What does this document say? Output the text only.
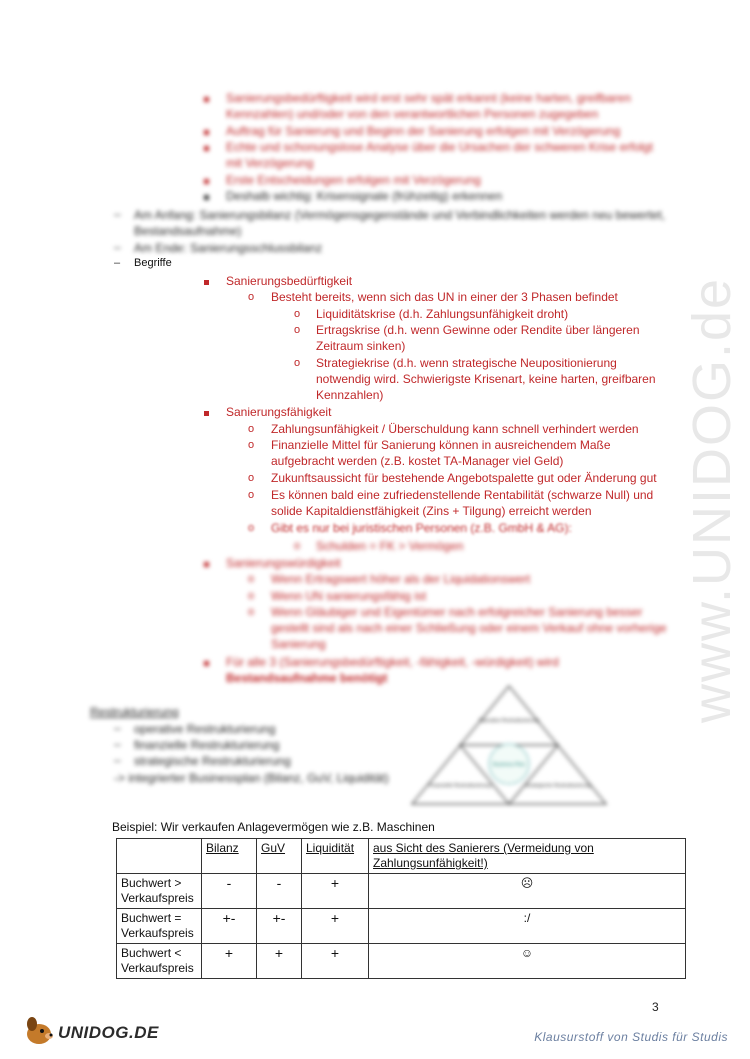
www.UNIDOG.de
Sanierungsbedürftigkeit wird erst sehr spät erkannt (keine harten, greifbaren
Kennzahlen) und/oder von den verantwortlichen Personen zugegeben
Auftrag für Sanierung und Beginn der Sanierung erfolgen mit Verzögerung
Echte und schonungslose Analyse über die Ursachen der schweren Krise erfolgt
mit Verzögerung
Erste Entscheidungen erfolgen mit Verzögerung
Deshalb wichtig: Krisensignale (frühzeitig) erkennen
– Am Anfang: Sanierungsbilanz (Vermögensgegenstände und Verbindlichkeiten werden neu bewertet,
Bestandsaufnahme)
– Am Ende: Sanierungsschlussbilanz
– Begriffe
Sanierungsbedürftigkeit
o Besteht bereits, wenn sich das UN in einer der 3 Phasen befindet
o Liquiditätskrise (d.h. Zahlungsunfähigkeit droht)
o Ertragskrise (d.h. wenn Gewinne oder Rendite über längeren
Zeitraum sinken)
o Strategiekrise (d.h. wenn strategische Neupositionierung
notwendig wird. Schwierigste Krisenart, keine harten, greifbaren
Kennzahlen)
Sanierungsfähigkeit
o Zahlungsunfähigkeit / Überschuldung kann schnell verhindert werden
o Finanzielle Mittel für Sanierung können in ausreichendem Maße
aufgebracht werden (z.B. kostet TA-Manager viel Geld)
o Zukunftsaussicht für bestehende Angebotspalette gut oder Änderung gut
o Es können bald eine zufriedenstellende Rentabilität (schwarze Null) und
solide Kapitaldienstfähigkeit (Zins + Tilgung) erreicht werden
o Gibt es nur bei juristischen Personen (z.B. GmbH & AG):
o Schulden = FK > Vermögen
Sanierungswürdigkeit
o Wenn Ertragswert höher als der Liquidationswert
o Wenn UN sanierungsfähig ist
o Wenn Gläubiger und Eigentümer nach erfolgreicher Sanierung besser
gestellt sind als nach einer Schließung oder einem Verkauf ohne vorherige
Sanierung
Für alle 3 (Sanierungsbedürftigkeit, -fähigkeit, -würdigkeit) wird
Bestandsaufnahme benötigt
Restrukturierung
– operative Restrukturierung
– finanzielle Restrukturierung
– strategische Restrukturierung
-> integrierter Businessplan (Bilanz, GuV, Liquidität)
Operative Restrukturierung
Business-Plan
Finanzielle Restrukturierung	Strategische Restrukturierung
Beispiel: Wir verkaufen Anlagevermögen wie z.B. Maschinen
	Bilanz	GuV	Liquidität	aus Sicht des Sanierers (Vermeidung von Zahlungsunfähigkeit!)
Buchwert > Verkaufspreis	-	-	+	☹
Buchwert = Verkaufspreis	+-	+-	+	:/
Buchwert < Verkaufspreis	+	+	+	☺
3
UNIDOG.DE	Klausurstoff von Studis für Studis
